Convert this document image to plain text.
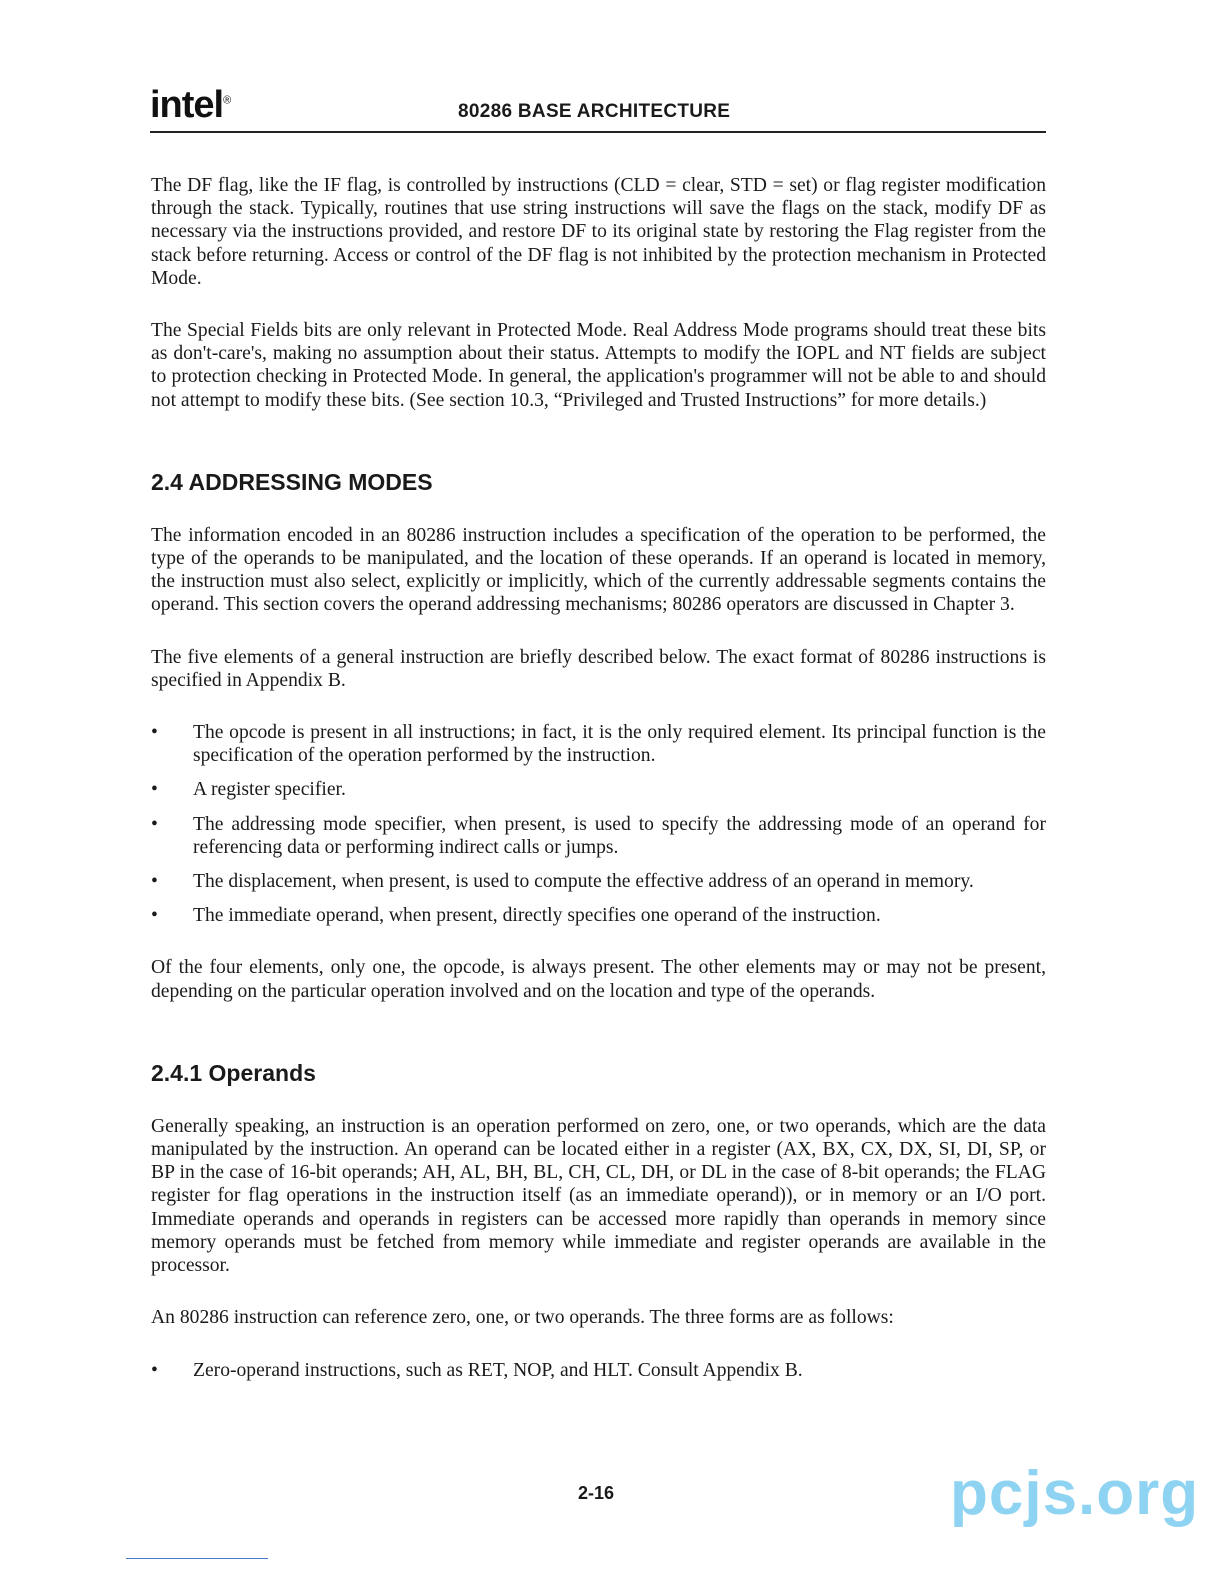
intel®
80286 BASE ARCHITECTURE

The DF flag, like the IF flag, is controlled by instructions (CLD = clear, STD = set) or flag register modification through the stack. Typically, routines that use string instructions will save the flags on the stack, modify DF as necessary via the instructions provided, and restore DF to its original state by restoring the Flag register from the stack before returning. Access or control of the DF flag is not inhibited by the protection mechanism in Protected Mode.

The Special Fields bits are only relevant in Protected Mode. Real Address Mode programs should treat these bits as don't-care's, making no assumption about their status. Attempts to modify the IOPL and NT fields are subject to protection checking in Protected Mode. In general, the application's programmer will not be able to and should not attempt to modify these bits. (See section 10.3, “Privileged and Trusted Instructions” for more details.)

2.4 ADDRESSING MODES

The information encoded in an 80286 instruction includes a specification of the operation to be performed, the type of the operands to be manipulated, and the location of these operands. If an operand is located in memory, the instruction must also select, explicitly or implicitly, which of the currently addressable segments contains the operand. This section covers the operand addressing mechanisms; 80286 operators are discussed in Chapter 3.

The five elements of a general instruction are briefly described below. The exact format of 80286 instructions is specified in Appendix B.

• The opcode is present in all instructions; in fact, it is the only required element. Its principal function is the specification of the operation performed by the instruction.
• A register specifier.
• The addressing mode specifier, when present, is used to specify the addressing mode of an operand for referencing data or performing indirect calls or jumps.
• The displacement, when present, is used to compute the effective address of an operand in memory.
• The immediate operand, when present, directly specifies one operand of the instruction.

Of the four elements, only one, the opcode, is always present. The other elements may or may not be present, depending on the particular operation involved and on the location and type of the operands.

2.4.1 Operands

Generally speaking, an instruction is an operation performed on zero, one, or two operands, which are the data manipulated by the instruction. An operand can be located either in a register (AX, BX, CX, DX, SI, DI, SP, or BP in the case of 16-bit operands; AH, AL, BH, BL, CH, CL, DH, or DL in the case of 8-bit operands; the FLAG register for flag operations in the instruction itself (as an immediate operand)), or in memory or an I/O port. Immediate operands and operands in registers can be accessed more rapidly than operands in memory since memory operands must be fetched from memory while immediate and register operands are available in the processor.

An 80286 instruction can reference zero, one, or two operands. The three forms are as follows:

• Zero-operand instructions, such as RET, NOP, and HLT. Consult Appendix B.
2-16	pcjs.org
